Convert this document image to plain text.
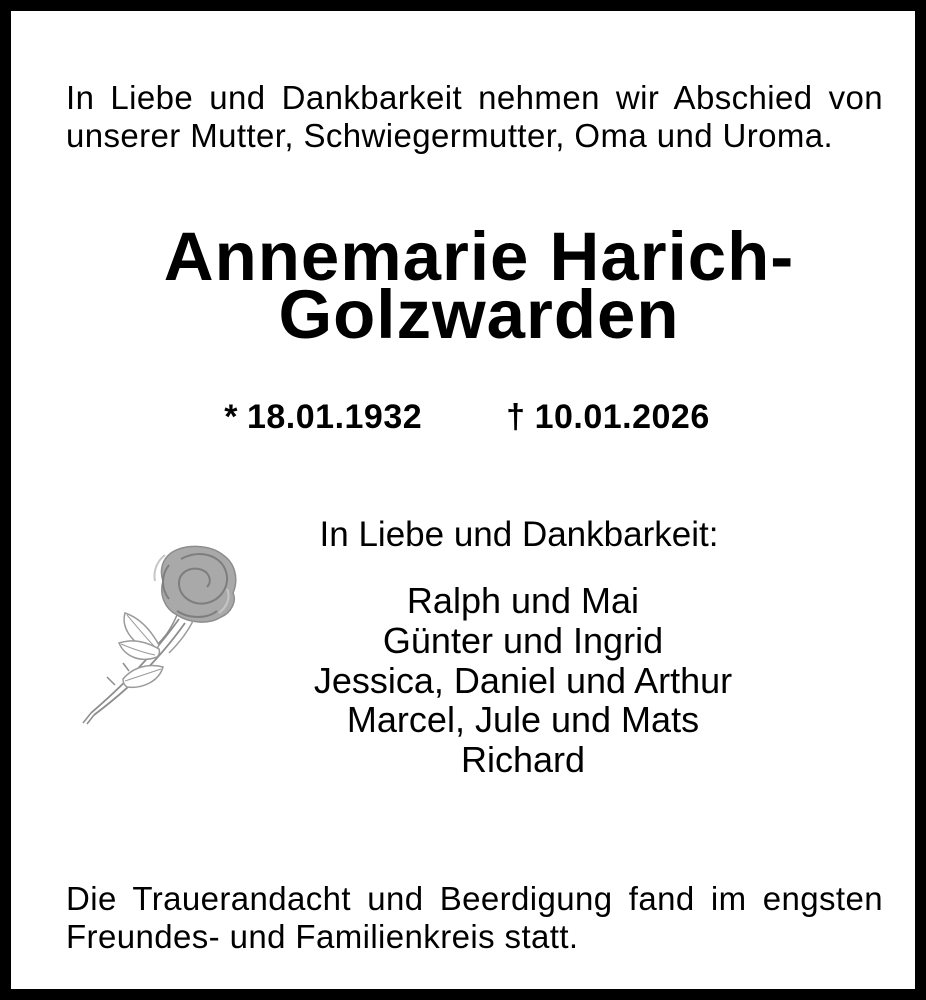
In Liebe und Dankbarkeit nehmen wir Abschied von
unserer Mutter, Schwiegermutter, Oma und Uroma.
Annemarie Harich-
Golzwarden
* 18.01.1932 † 10.01.2026
In Liebe und Dankbarkeit:
Ralph und Mai
Günter und Ingrid
Jessica, Daniel und Arthur
Marcel, Jule und Mats
Richard
Die Trauerandacht und Beerdigung fand im engsten
Freundes- und Familienkreis statt.
